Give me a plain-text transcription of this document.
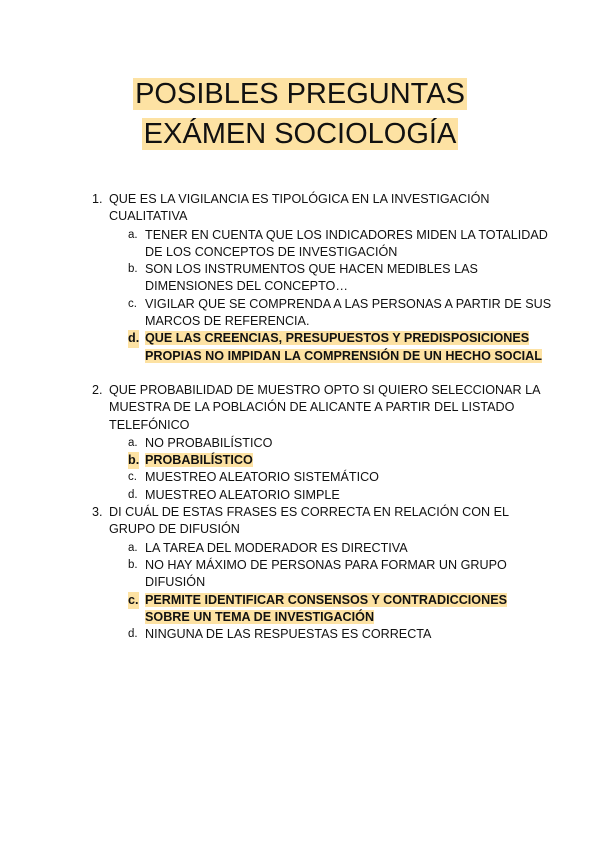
POSIBLES PREGUNTAS
EXÁMEN SOCIOLOGÍA
1. QUE ES LA VIGILANCIA ES TIPOLÓGICA EN LA INVESTIGACIÓN CUALITATIVA
a. TENER EN CUENTA QUE LOS INDICADORES MIDEN LA TOTALIDAD DE LOS CONCEPTOS DE INVESTIGACIÓN
b. SON LOS INSTRUMENTOS QUE HACEN MEDIBLES LAS DIMENSIONES DEL CONCEPTO…
c. VIGILAR QUE SE COMPRENDA A LAS PERSONAS A PARTIR DE SUS MARCOS DE REFERENCIA.
d. QUE LAS CREENCIAS, PRESUPUESTOS Y PREDISPOSICIONES PROPIAS NO IMPIDAN LA COMPRENSIÓN DE UN HECHO SOCIAL
2. QUE PROBABILIDAD DE MUESTRO OPTO SI QUIERO SELECCIONAR LA MUESTRA DE LA POBLACIÓN DE ALICANTE A PARTIR DEL LISTADO TELEFÓNICO
a. NO PROBABILÍSTICO
b. PROBABILÍSTICO
c. MUESTREO ALEATORIO SISTEMÁTICO
d. MUESTREO ALEATORIO SIMPLE
3. DI CUÁL DE ESTAS FRASES ES CORRECTA EN RELACIÓN CON EL GRUPO DE DIFUSIÓN
a. LA TAREA DEL MODERADOR ES DIRECTIVA
b. NO HAY MÁXIMO DE PERSONAS PARA FORMAR UN GRUPO DIFUSIÓN
c. PERMITE IDENTIFICAR CONSENSOS Y CONTRADICCIONES SOBRE UN TEMA DE INVESTIGACIÓN
d. NINGUNA DE LAS RESPUESTAS ES CORRECTA
